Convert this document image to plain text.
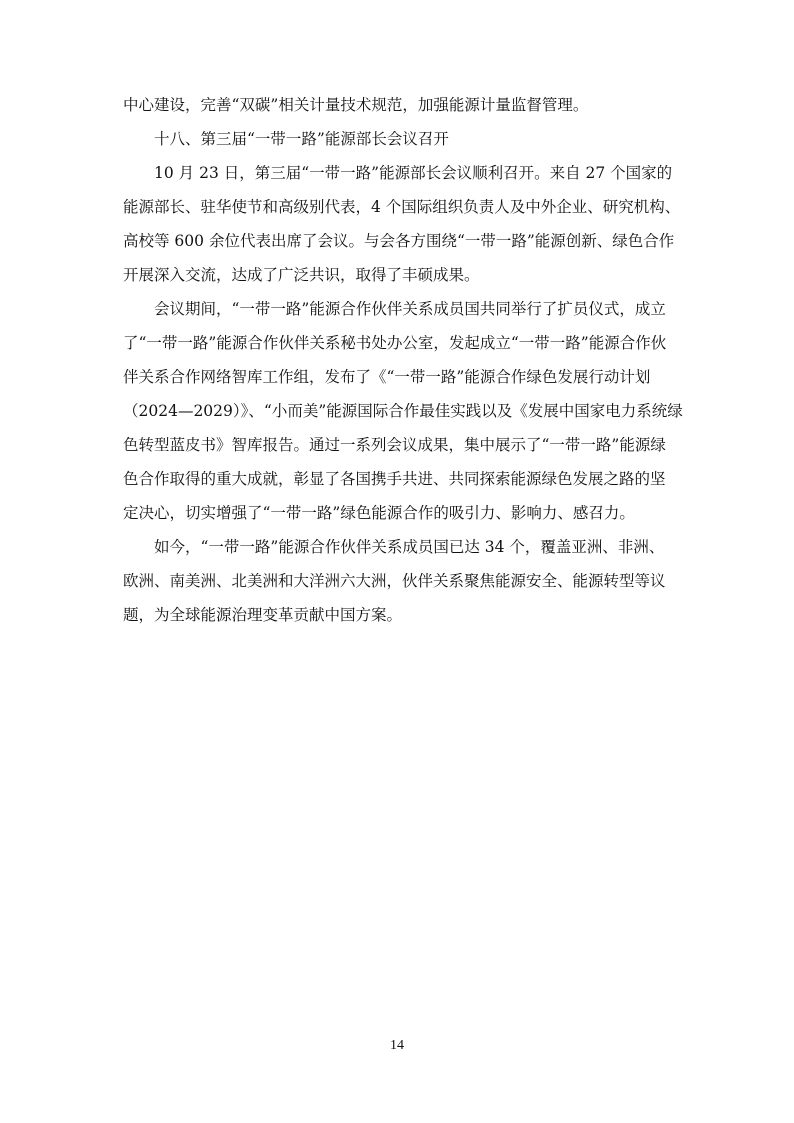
中心建设，完善“双碳”相关计量技术规范，加强能源计量监督管理。
十八、第三届“一带一路”能源部长会议召开
10 月 23 日，第三届“一带一路”能源部长会议顺利召开。来自 27 个国家的
能源部长、驻华使节和高级别代表，4 个国际组织负责人及中外企业、研究机构、
高校等 600 余位代表出席了会议。与会各方围绕“一带一路”能源创新、绿色合作
开展深入交流，达成了广泛共识，取得了丰硕成果。
会议期间，“一带一路”能源合作伙伴关系成员国共同举行了扩员仪式，成立
了“一带一路”能源合作伙伴关系秘书处办公室，发起成立“一带一路”能源合作伙
伴关系合作网络智库工作组，发布了《“一带一路”能源合作绿色发展行动计划
（2024—2029）》、“小而美”能源国际合作最佳实践以及《发展中国家电力系统绿
色转型蓝皮书》智库报告。通过一系列会议成果，集中展示了“一带一路”能源绿
色合作取得的重大成就，彰显了各国携手共进、共同探索能源绿色发展之路的坚
定决心，切实增强了“一带一路”绿色能源合作的吸引力、影响力、感召力。
如今，“一带一路”能源合作伙伴关系成员国已达 34 个，覆盖亚洲、非洲、
欧洲、南美洲、北美洲和大洋洲六大洲，伙伴关系聚焦能源安全、能源转型等议
题，为全球能源治理变革贡献中国方案。
14
